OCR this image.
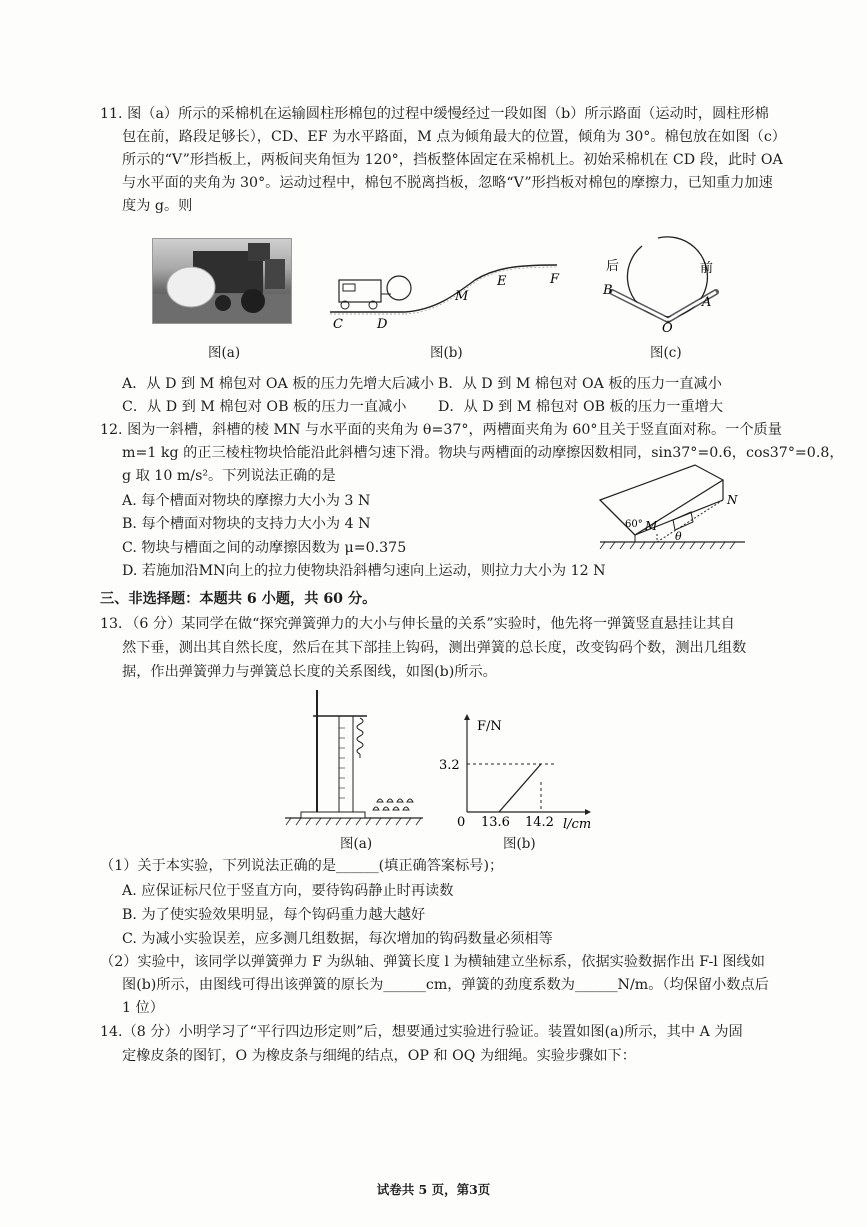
11. 图（a）所示的采棉机在运输圆柱形棉包的过程中缓慢经过一段如图（b）所示路面（运动时，圆柱形棉
包在前，路段足够长），CD、EF 为水平路面，M 点为倾角最大的位置，倾角为 30°。棉包放在如图（c）
所示的“V”形挡板上，两板间夹角恒为 120°，挡板整体固定在采棉机上。初始采棉机在 CD 段，此时 OA
与水平面的夹角为 30°。运动过程中，棉包不脱离挡板，忽略“V”形挡板对棉包的摩擦力，已知重力加速
度为 g。则
图(a)
C	D
M
E	F
图(b)
后	前
B
A
O
图(c)
A．从 D 到 M 棉包对 OA 板的压力先增大后减小 B．从 D 到 M 棉包对 OA 板的压力一直减小
C．从 D 到 M 棉包对 OB 板的压力一直减小 D．从 D 到 M 棉包对 OB 板的压力一重增大
12. 图为一斜槽，斜槽的棱 MN 与水平面的夹角为 θ=37°，两槽面夹角为 60°且关于竖直面对称。一个质量
m=1 kg 的正三棱柱物块恰能沿此斜槽匀速下滑。物块与两槽面的动摩擦因数相同，sin37°=0.6，cos37°=0.8，
g 取 10 m/s²。下列说法正确的是
A. 每个槽面对物块的摩擦力大小为 3 N
B. 每个槽面对物块的支持力大小为 4 N
C. 物块与槽面之间的动摩擦因数为 μ=0.375
D. 若施加沿MN向上的拉力使物块沿斜槽匀速向上运动，则拉力大小为 12 N
N
M
60°
θ
三、非选择题：本题共 6 小题，共 60 分。
13．（6 分）某同学在做“探究弹簧弹力的大小与伸长量的关系”实验时，他先将一弹簧竖直悬挂让其自
然下垂，测出其自然长度，然后在其下部挂上钩码，测出弹簧的总长度，改变钩码个数，测出几组数
据，作出弹簧弹力与弹簧总长度的关系图线，如图(b)所示。
图(a)
F/N
l/cm
3.2
0 13.6 14.2
图(b)
（1）关于本实验，下列说法正确的是______(填正确答案标号)；
A. 应保证标尺位于竖直方向，要待钩码静止时再读数
B. 为了使实验效果明显，每个钩码重力越大越好
C. 为减小实验误差，应多测几组数据，每次增加的钩码数量必须相等
（2）实验中，该同学以弹簧弹力 F 为纵轴、弹簧长度 l 为横轴建立坐标系，依据实验数据作出 F-l 图线如
图(b)所示，由图线可得出该弹簧的原长为______cm，弹簧的劲度系数为______N/m。（均保留小数点后
1 位）
14.（8 分）小明学习了“平行四边形定则”后，想要通过实验进行验证。装置如图(a)所示，其中 A 为固
定橡皮条的图钉，O 为橡皮条与细绳的结点，OP 和 OQ 为细绳。实验步骤如下：
试卷共 5 页，第3页
